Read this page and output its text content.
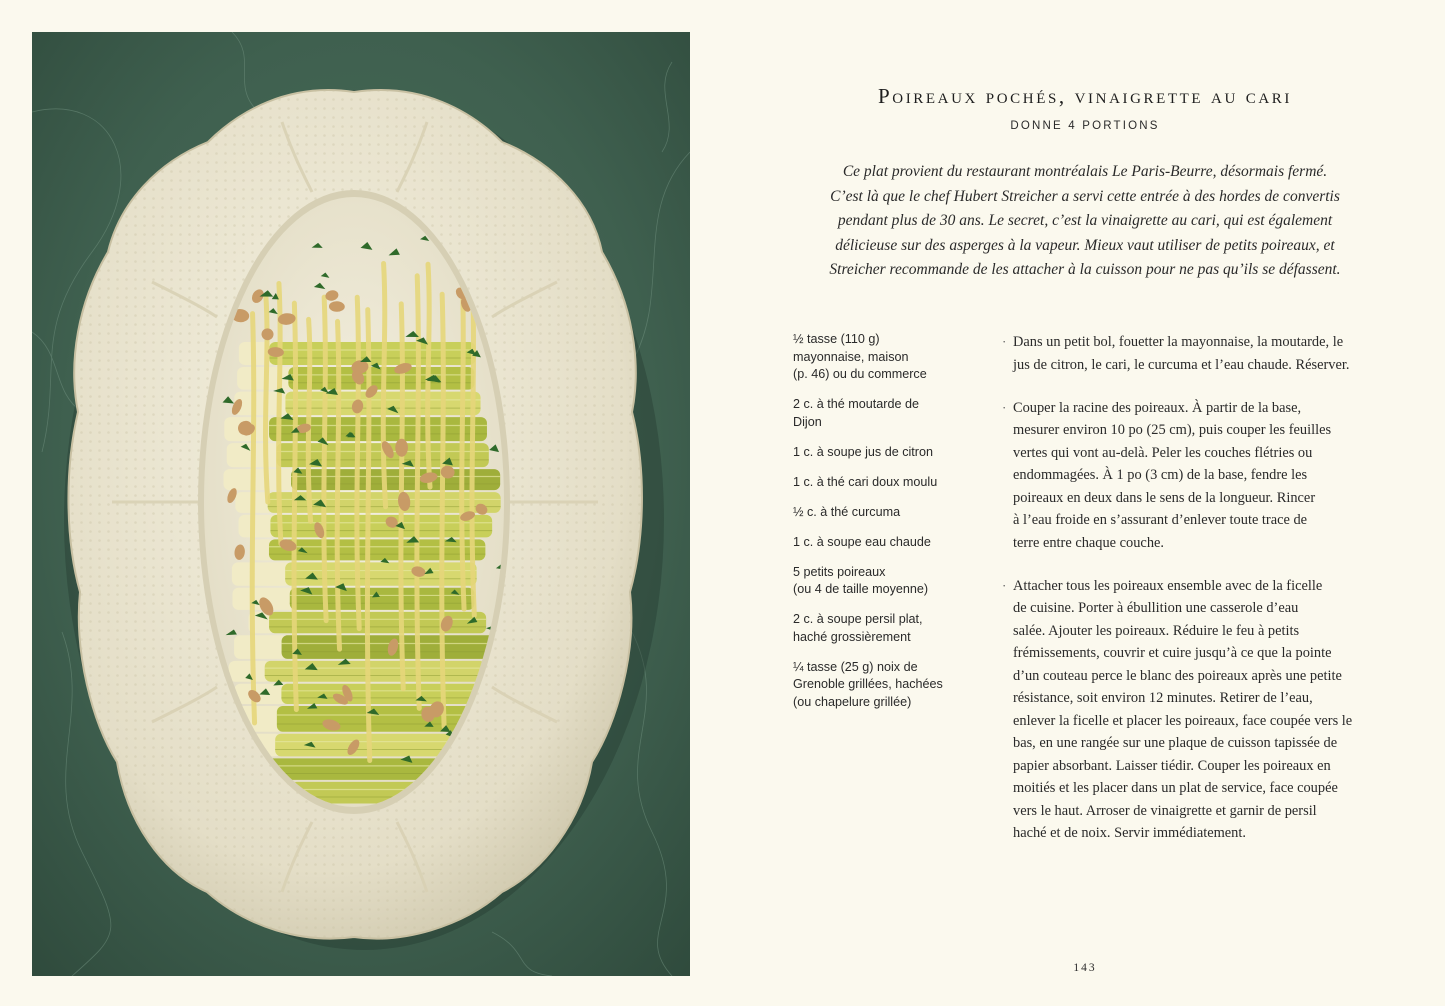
Poireaux pochés, vinaigrette au cari
DONNE 4 PORTIONS

Ce plat provient du restaurant montréalais Le Paris-Beurre, désormais fermé.
C’est là que le chef Hubert Streicher a servi cette entrée à des hordes de convertis
pendant plus de 30 ans. Le secret, c’est la vinaigrette au cari, qui est également
délicieuse sur des asperges à la vapeur. Mieux vaut utiliser de petits poireaux, et
Streicher recommande de les attacher à la cuisson pour ne pas qu’ils se défassent.

½ tasse (110 g)
mayonnaise, maison
(p. 46) ou du commerce
2 c. à thé moutarde de
Dijon
1 c. à soupe jus de citron
1 c. à thé cari doux moulu
½ c. à thé curcuma
1 c. à soupe eau chaude
5 petits poireaux
(ou 4 de taille moyenne)
2 c. à soupe persil plat,
haché grossièrement
¼ tasse (25 g) noix de
Grenoble grillées, hachées
(ou chapelure grillée)
· Dans un petit bol, fouetter la mayonnaise, la moutarde, le
jus de citron, le cari, le curcuma et l’eau chaude. Réserver.
· Couper la racine des poireaux. À partir de la base,
mesurer environ 10 po (25 cm), puis couper les feuilles
vertes qui vont au-delà. Peler les couches flétries ou
endommagées. À 1 po (3 cm) de la base, fendre les
poireaux en deux dans le sens de la longueur. Rincer
à l’eau froide en s’assurant d’enlever toute trace de
terre entre chaque couche.
· Attacher tous les poireaux ensemble avec de la ficelle
de cuisine. Porter à ébullition une casserole d’eau
salée. Ajouter les poireaux. Réduire le feu à petits
frémissements, couvrir et cuire jusqu’à ce que la pointe
d’un couteau perce le blanc des poireaux après une petite
résistance, soit environ 12 minutes. Retirer de l’eau,
enlever la ficelle et placer les poireaux, face coupée vers le
bas, en une rangée sur une plaque de cuisson tapissée de
papier absorbant. Laisser tiédir. Couper les poireaux en
moitiés et les placer dans un plat de service, face coupée
vers le haut. Arroser de vinaigrette et garnir de persil
haché et de noix. Servir immédiatement.
143
